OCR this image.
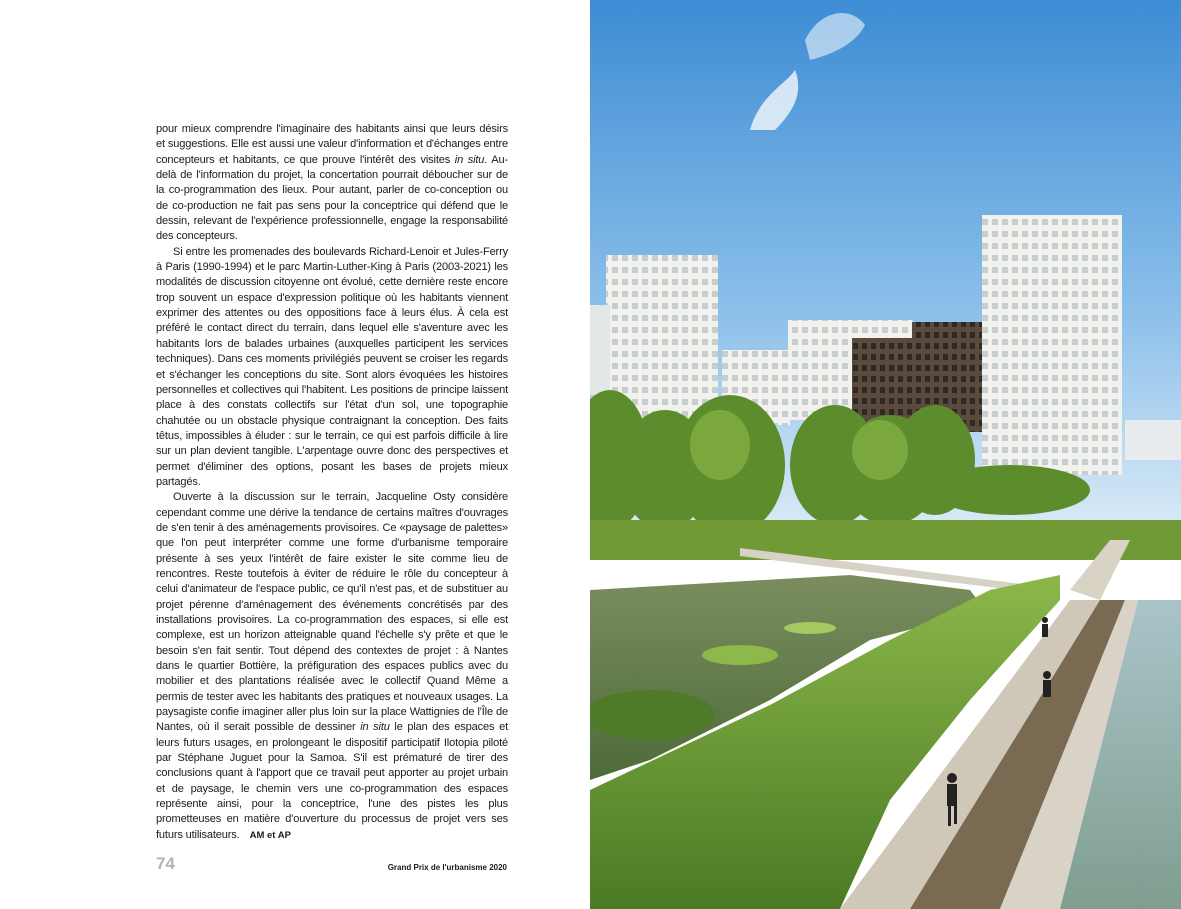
pour mieux comprendre l'imaginaire des habitants ainsi que leurs désirs et suggestions. Elle est aussi une valeur d'information et d'échanges entre concepteurs et habitants, ce que prouve l'intérêt des visites in situ. Au-delà de l'information du projet, la concertation pourrait déboucher sur de la co-programmation des lieux. Pour autant, parler de co-conception ou de co-production ne fait pas sens pour la conceptrice qui défend que le dessin, relevant de l'expérience professionnelle, engage la responsabilité des concepteurs.

Si entre les promenades des boulevards Richard-Lenoir et Jules-Ferry à Paris (1990-1994) et le parc Martin-Luther-King à Paris (2003-2021) les modalités de discussion citoyenne ont évolué, cette dernière reste encore trop souvent un espace d'expression politique où les habitants viennent exprimer des attentes ou des oppositions face à leurs élus. À cela est préféré le contact direct du terrain, dans lequel elle s'aventure avec les habitants lors de balades urbaines (auxquelles participent les services techniques). Dans ces moments privilégiés peuvent se croiser les regards et s'échanger les conceptions du site. Sont alors évoquées les histoires personnelles et collectives qui l'habitent. Les positions de principe laissent place à des constats collectifs sur l'état d'un sol, une topographie chahutée ou un obstacle physique contraignant la conception. Des faits têtus, impossibles à éluder : sur le terrain, ce qui est parfois difficile à lire sur un plan devient tangible. L'arpentage ouvre donc des perspectives et permet d'éliminer des options, posant les bases de projets mieux partagés.

Ouverte à la discussion sur le terrain, Jacqueline Osty considère cependant comme une dérive la tendance de certains maîtres d'ouvrages de s'en tenir à des aménagements provisoires. Ce «paysage de palettes» que l'on peut interpréter comme une forme d'urbanisme temporaire présente à ses yeux l'intérêt de faire exister le site comme lieu de rencontres. Reste toutefois à éviter de réduire le rôle du concepteur à celui d'animateur de l'espace public, ce qu'il n'est pas, et de substituer au projet pérenne d'aménagement des événements concrétisés par des installations provisoires. La co-programmation des espaces, si elle est complexe, est un horizon atteignable quand l'échelle s'y prête et que le besoin s'en fait sentir. Tout dépend des contextes de projet : à Nantes dans le quartier Bottière, la préfiguration des espaces publics avec du mobilier et des plantations réalisée avec le collectif Quand Même a permis de tester avec les habitants des pratiques et nouveaux usages. La paysagiste confie imaginer aller plus loin sur la place Wattignies de l'Île de Nantes, où il serait possible de dessiner in situ le plan des espaces et leurs futurs usages, en prolongeant le dispositif participatif Ilotopia piloté par Stéphane Juguet pour la Samoa. S'il est prématuré de tirer des conclusions quant à l'apport que ce travail peut apporter au projet urbain et de paysage, le chemin vers une co-programmation des espaces représente ainsi, pour la conceptrice, l'une des pistes les plus prometteuses en matière d'ouverture du processus de projet vers ses futurs utilisateurs. AM et AP

74	Grand Prix de l'urbanisme 2020
